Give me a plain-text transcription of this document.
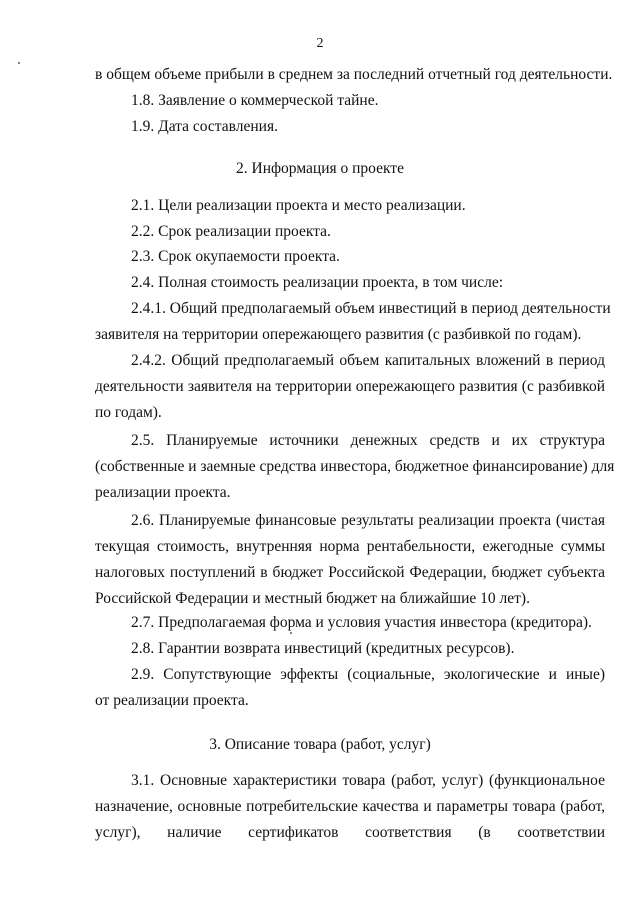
2
в общем объеме прибыли в среднем за последний отчетный год деятельности.
1.8. Заявление о коммерческой тайне.
1.9. Дата составления.
2. Информация о проекте
2.1. Цели реализации проекта и место реализации.
2.2. Срок реализации проекта.
2.3. Срок окупаемости проекта.
2.4. Полная стоимость реализации проекта, в том числе:
2.4.1. Общий предполагаемый объем инвестиций в период деятельности
заявителя на территории опережающего развития (с разбивкой по годам).
2.4.2. Общий предполагаемый объем капитальных вложений в период
деятельности заявителя на территории опережающего развития (с разбивкой
по годам).
2.5. Планируемые источники денежных средств и их структура
(собственные и заемные средства инвестора, бюджетное финансирование) для
реализации проекта.
2.6. Планируемые финансовые результаты реализации проекта (чистая
текущая стоимость, внутренняя норма рентабельности, ежегодные суммы
налоговых поступлений в бюджет Российской Федерации, бюджет субъекта
Российской Федерации и местный бюджет на ближайшие 10 лет).
2.7. Предполагаемая форма и условия участия инвестора (кредитора).
2.8. Гарантии возврата инвестиций (кредитных ресурсов).
2.9. Сопутствующие эффекты (социальные, экологические и иные)
от реализации проекта.
3. Описание товара (работ, услуг)
3.1. Основные характеристики товара (работ, услуг) (функциональное
назначение, основные потребительские качества и параметры товара (работ,
услуг), наличие сертификатов соответствия (в соответствии
